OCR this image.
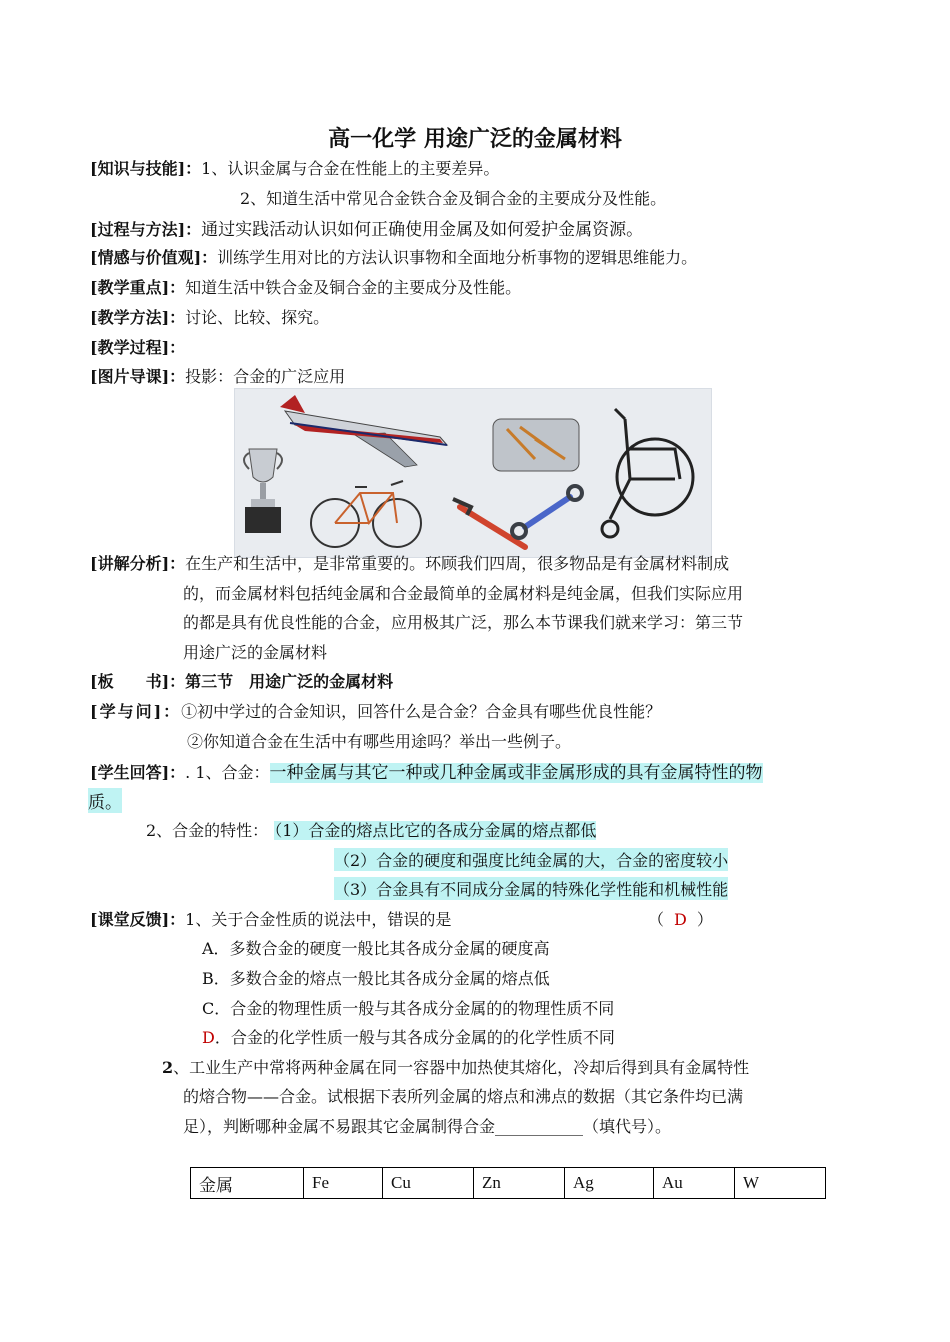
高一化学 用途广泛的金属材料
[知识与技能]：1、认识金属与合金在性能上的主要差异。
2、知道生活中常见合金铁合金及铜合金的主要成分及性能。
[过程与方法]：通过实践活动认识如何正确使用金属及如何爱护金属资源。
[情感与价值观]：训练学生用对比的方法认识事物和全面地分析事物的逻辑思维能力。
[教学重点]：知道生活中铁合金及铜合金的主要成分及性能。
[教学方法]：讨论、比较、探究。
[教学过程]：
[图片导课]：投影：合金的广泛应用
[讲解分析]：在生产和生活中，是非常重要的。环顾我们四周，很多物品是有金属材料制成
的，而金属材料包括纯金属和合金最简单的金属材料是纯金属，但我们实际应用
的都是具有优良性能的合金，应用极其广泛，那么本节课我们就来学习：第三节
用途广泛的金属材料
[板　　书]：第三节　用途广泛的金属材料
[学与问]：①初中学过的合金知识，回答什么是合金？合金具有哪些优良性能？
②你知道合金在生活中有哪些用途吗？举出一些例子。
[学生回答]：. 1、合金：一种金属与其它一种或几种金属或非金属形成的具有金属特性的物
质。
2、合金的特性： （1）合金的熔点比它的各成分金属的熔点都低
（2）合金的硬度和强度比纯金属的大，合金的密度较小
（3）合金具有不同成分金属的特殊化学性能和机械性能
[课堂反馈]：1、关于合金性质的说法中，错误的是	（ D ）
A．多数合金的硬度一般比其各成分金属的硬度高
B．多数合金的熔点一般比其各成分金属的熔点低
C．合金的物理性质一般与其各成分金属的的物理性质不同
D．合金的化学性质一般与其各成分金属的的化学性质不同
2、工业生产中常将两种金属在同一容器中加热使其熔化，冷却后得到具有金属特性
的熔合物——合金。试根据下表所列金属的熔点和沸点的数据（其它条件均已满
足），判断哪种金属不易跟其它金属制得合金___________（填代号）。
金属	Fe	Cu	Zn	Ag	Au	W
